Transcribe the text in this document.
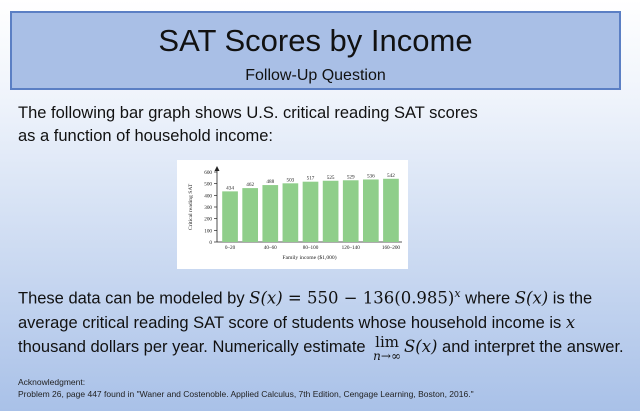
SAT Scores by Income
Follow-Up Question
The following bar graph shows U.S. critical reading SAT scores
as a function of household income:
0
100
200
300
400
500
600
434
462
488 503 517 525 529 536 542
0–20	40–60	80–100	120–140	160–200
Family income ($1,000)
Critical reading SAT
These data can be modeled by $S(x) = 550 - 136(0.985)^x$ where S(x) is the average critical reading SAT score of students whose household income is x thousand dollars per year. Numerically estimate lim
n→∞ S(x) and interpret the answer.
Acknowledgment:
Problem 26, page 447 found in "Waner and Costenoble. Applied Calculus, 7th Edition, Cengage Learning, Boston, 2016."
